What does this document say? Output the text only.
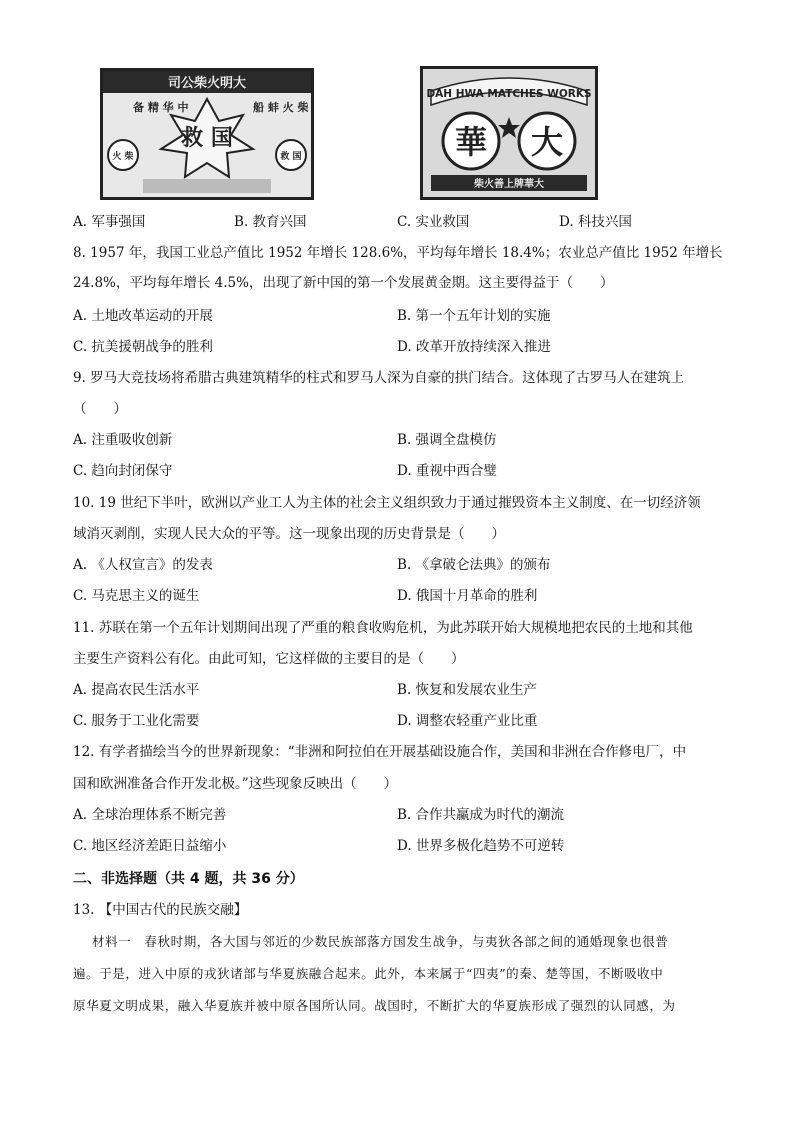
司公柴火明大
救 国
备 精 华 中	船 蚌 火 柴
火 柴	救 国
DAH HWA MATCHES WORKS
華 大
柴火善上牌華大
A. 军事强国	B. 教育兴国	C. 实业救国	D. 科技兴国
8. 1957 年，我国工业总产值比 1952 年增长 128.6%，平均每年增长 18.4%；农业总产值比 1952 年增长
24.8%，平均每年增长 4.5%，出现了新中国的第一个发展黄金期。这主要得益于（　　）
A. 土地改革运动的开展	B. 第一个五年计划的实施
C. 抗美援朝战争的胜利	D. 改革开放持续深入推进
9. 罗马大竞技场将希腊古典建筑精华的柱式和罗马人深为自豪的拱门结合。这体现了古罗马人在建筑上
（　　）
A. 注重吸收创新	B. 强调全盘模仿
C. 趋向封闭保守	D. 重视中西合璧
10. 19 世纪下半叶，欧洲以产业工人为主体的社会主义组织致力于通过摧毁资本主义制度、在一切经济领
域消灭剥削，实现人民大众的平等。这一现象出现的历史背景是（　　）
A. 《人权宣言》的发表	B. 《拿破仑法典》的颁布
C. 马克思主义的诞生	D. 俄国十月革命的胜利
11. 苏联在第一个五年计划期间出现了严重的粮食收购危机，为此苏联开始大规模地把农民的土地和其他
主要生产资料公有化。由此可知，它这样做的主要目的是（　　）
A. 提高农民生活水平	B. 恢复和发展农业生产
C. 服务于工业化需要	D. 调整农轻重产业比重
12. 有学者描绘当今的世界新现象：“非洲和阿拉伯在开展基础设施合作，美国和非洲在合作修电厂，中
国和欧洲准备合作开发北极。”这些现象反映出（　　）
A. 全球治理体系不断完善	B. 合作共赢成为时代的潮流
C. 地区经济差距日益缩小	D. 世界多极化趋势不可逆转
二、非选择题（共 4 题，共 36 分）
13. 【中国古代的民族交融】
材料一　春秋时期，各大国与邻近的少数民族部落方国发生战争，与夷狄各部之间的通婚现象也很普
遍。于是，进入中原的戎狄诸部与华夏族融合起来。此外，本来属于“四夷”的秦、楚等国，不断吸收中
原华夏文明成果，融入华夏族并被中原各国所认同。战国时，不断扩大的华夏族形成了强烈的认同感，为
